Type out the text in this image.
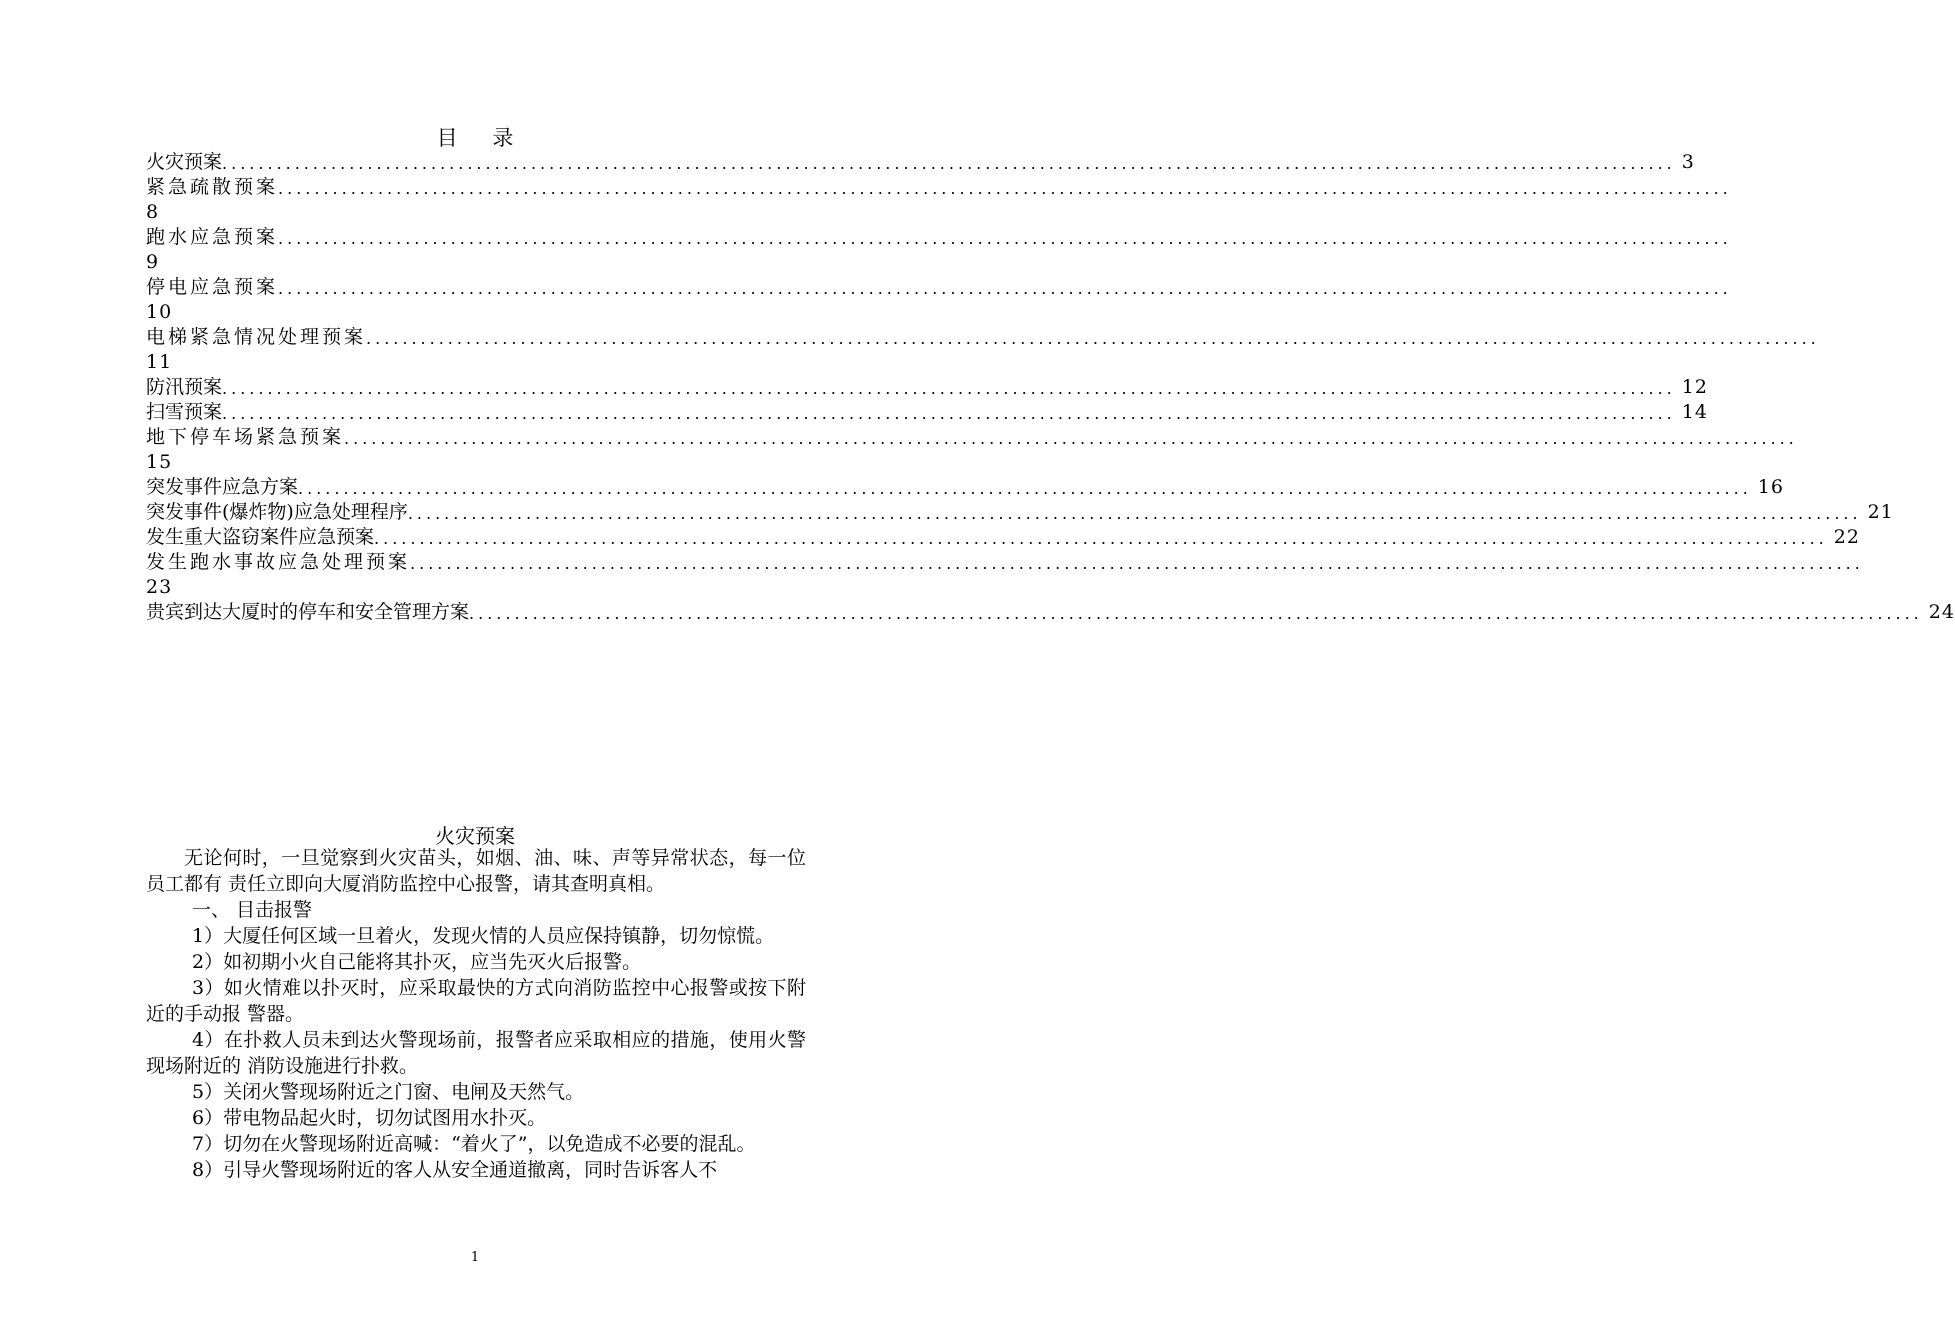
目 录
火灾预案 ................................................................................................................................................................ 3
紧急疏散预案 ................................................................................................................................................................
8
跑水应急预案 ................................................................................................................................................................
9
停电应急预案 ................................................................................................................................................................
10
电梯紧急情况处理预案 ................................................................................................................................................................
11
防汛预案 ................................................................................................................................................................ 12
扫雪预案 ................................................................................................................................................................ 14
地下停车场紧急预案 ................................................................................................................................................................
15
突发事件应急方案 ................................................................................................................................................................ 16
突发事件(爆炸物)应急处理程序 ................................................................................................................................................................ 21
发生重大盗窃案件应急预案 ................................................................................................................................................................ 22
发生跑水事故应急处理预案 ................................................................................................................................................................
23
贵宾到达大厦时的停车和安全管理方案 ................................................................................................................................................................ 24
火灾预案

无论何时，一旦觉察到火灾苗头，如烟、油、味、声等异常状态，每一位员工都有 责任立即向大厦消防监控中心报警，请其查明真相。

一、 目击报警

1）大厦任何区域一旦着火，发现火情的人员应保持镇静，切勿惊慌。

2）如初期小火自己能将其扑灭，应当先灭火后报警。

3）如火情难以扑灭时，应采取最快的方式向消防监控中心报警或按下附近的手动报 警器。

4）在扑救人员未到达火警现场前，报警者应采取相应的措施，使用火警现场附近的 消防设施进行扑救。

5）关闭火警现场附近之门窗、电闸及天然气。

6）带电物品起火时，切勿试图用水扑灭。

7）切勿在火警现场附近高喊：“着火了”，以免造成不必要的混乱。

8）引导火警现场附近的客人从安全通道撤离，同时告诉客人不

1
